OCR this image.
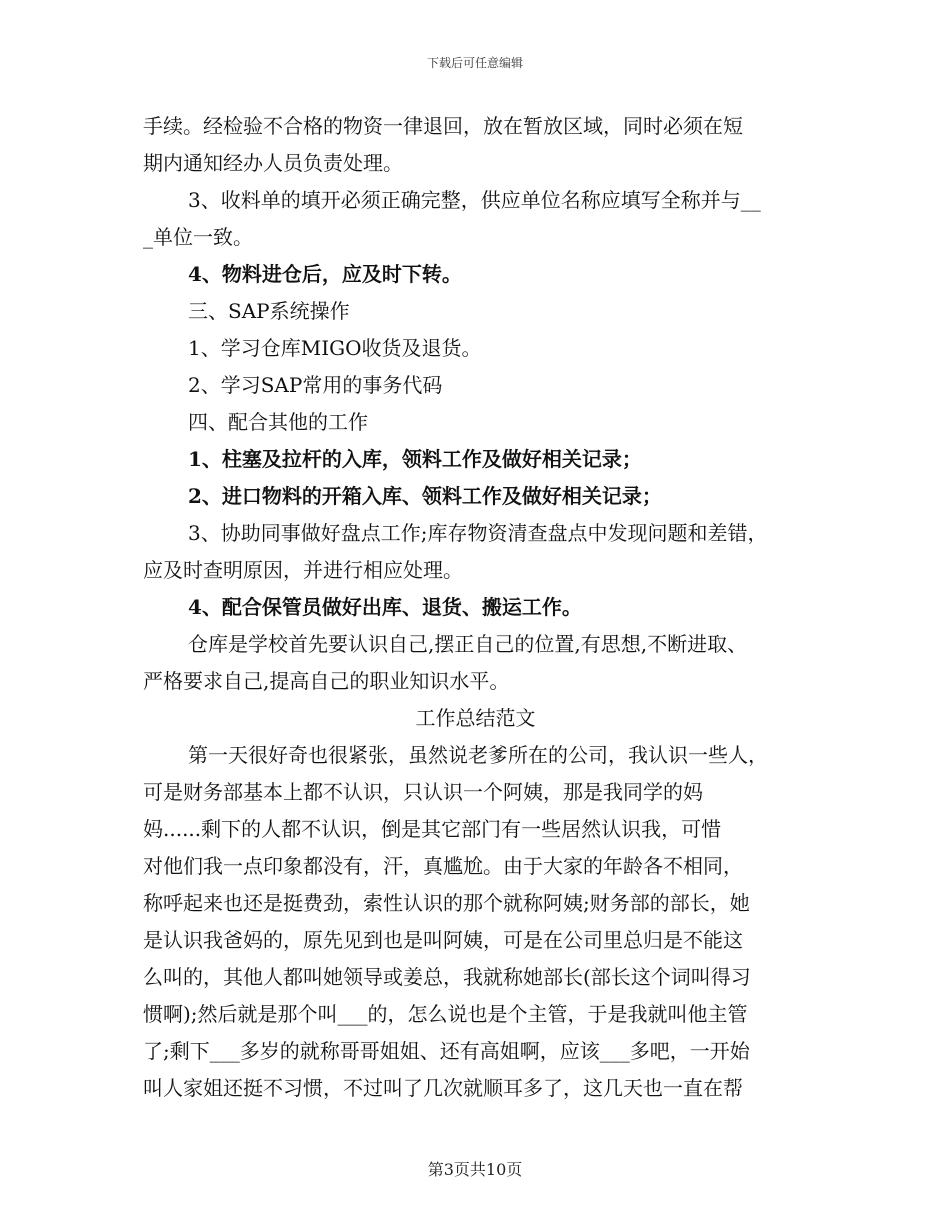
下载后可任意编辑

手续。经检验不合格的物资一律退回，放在暂放区域，同时必须在短

期内通知经办人员负责处理。

3、收料单的填开必须正确完整，供应单位名称应填写全称并与__

_单位一致。

4、物料进仓后，应及时下转。

三、SAP系统操作

1、学习仓库MIGO收货及退货。

2、学习SAP常用的事务代码

四、配合其他的工作

1、柱塞及拉杆的入库，领料工作及做好相关记录；

2、进口物料的开箱入库、领料工作及做好相关记录；

3、协助同事做好盘点工作;库存物资清查盘点中发现问题和差错，

应及时查明原因，并进行相应处理。

4、配合保管员做好出库、退货、搬运工作。

仓库是学校首先要认识自己,摆正自己的位置,有思想,不断进取、

严格要求自己,提高自己的职业知识水平。

工作总结范文

第一天很好奇也很紧张，虽然说老爹所在的公司，我认识一些人，

可是财务部基本上都不认识，只认识一个阿姨，那是我同学的妈

妈......剩下的人都不认识，倒是其它部门有一些居然认识我，可惜

对他们我一点印象都没有，汗，真尴尬。由于大家的年龄各不相同，

称呼起来也还是挺费劲，索性认识的那个就称阿姨;财务部的部长，她

是认识我爸妈的，原先见到也是叫阿姨，可是在公司里总归是不能这

么叫的，其他人都叫她领导或姜总，我就称她部长(部长这个词叫得习

惯啊);然后就是那个叫___的，怎么说也是个主管，于是我就叫他主管

了;剩下___多岁的就称哥哥姐姐、还有高姐啊，应该___多吧，一开始

叫人家姐还挺不习惯，不过叫了几次就顺耳多了，这几天也一直在帮

第3页共10页
